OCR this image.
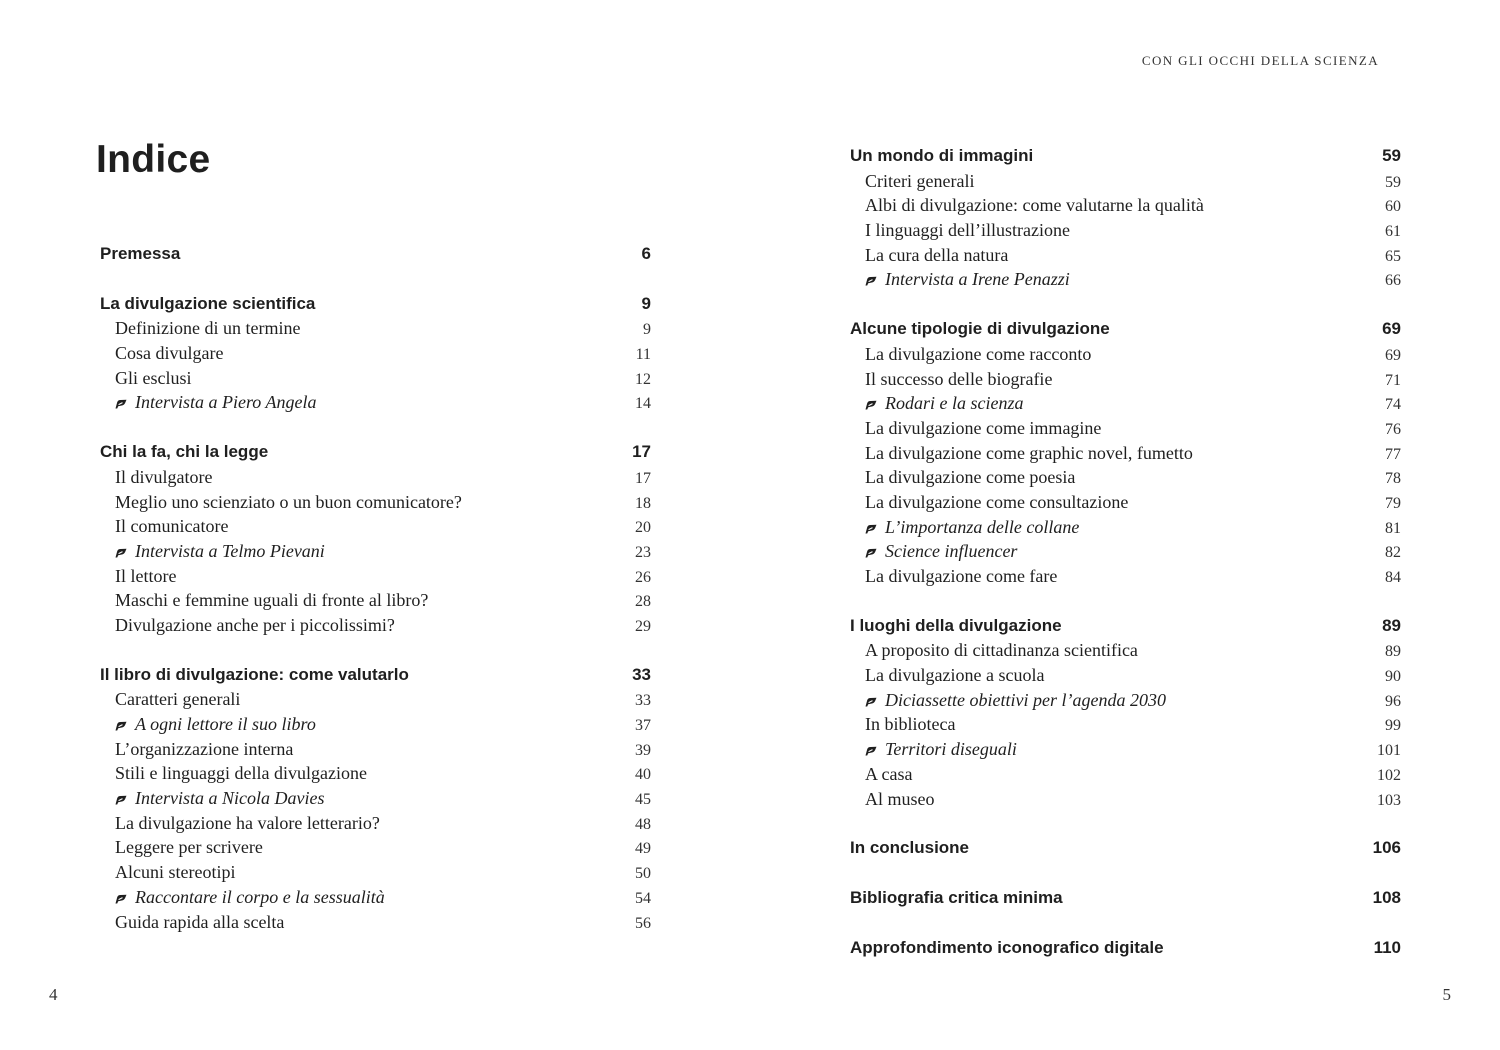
CON GLI OCCHI DELLA SCIENZA
Indice
Premessa	6
La divulgazione scientifica	9
Definizione di un termine	9
Cosa divulgare	11
Gli esclusi	12
Intervista a Piero Angela	14
Chi la fa, chi la legge	17
Il divulgatore	17
Meglio uno scienziato o un buon comunicatore?	18
Il comunicatore	20
Intervista a Telmo Pievani	23
Il lettore	26
Maschi e femmine uguali di fronte al libro?	28
Divulgazione anche per i piccolissimi?	29
Il libro di divulgazione: come valutarlo	33
Caratteri generali	33
A ogni lettore il suo libro	37
L’organizzazione interna	39
Stili e linguaggi della divulgazione	40
Intervista a Nicola Davies	45
La divulgazione ha valore letterario?	48
Leggere per scrivere	49
Alcuni stereotipi	50
Raccontare il corpo e la sessualità	54
Guida rapida alla scelta	56
Un mondo di immagini	59
Criteri generali	59
Albi di divulgazione: come valutarne la qualità	60
I linguaggi dell’illustrazione	61
La cura della natura	65
Intervista a Irene Penazzi	66
Alcune tipologie di divulgazione	69
La divulgazione come racconto	69
Il successo delle biografie	71
Rodari e la scienza	74
La divulgazione come immagine	76
La divulgazione come graphic novel, fumetto	77
La divulgazione come poesia	78
La divulgazione come consultazione	79
L’importanza delle collane	81
Science influencer	82
La divulgazione come fare	84
I luoghi della divulgazione	89
A proposito di cittadinanza scientifica	89
La divulgazione a scuola	90
Diciassette obiettivi per l’agenda 2030	96
In biblioteca	99
Territori diseguali	101
A casa	102
Al museo	103
In conclusione	106
Bibliografia critica minima	108
Approfondimento iconografico digitale	110
4	5
